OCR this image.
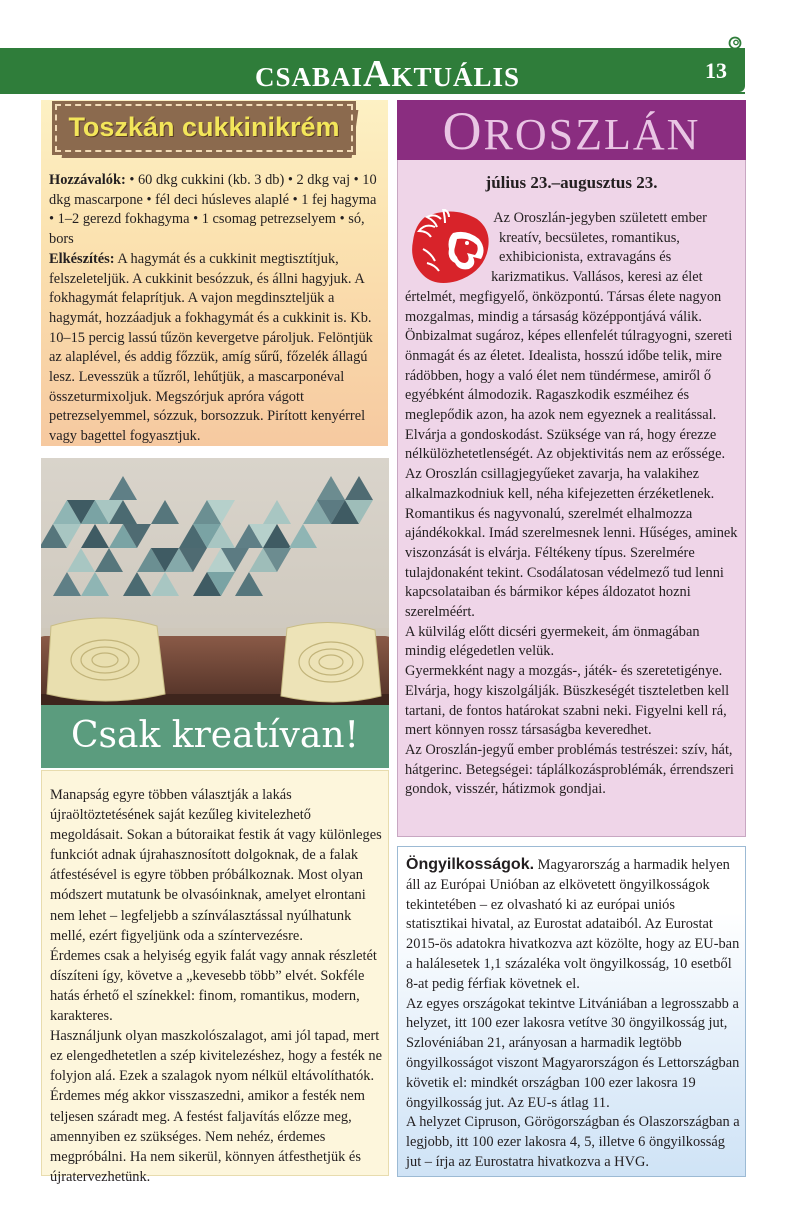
CSABAIAKTUÁLIS	13
Toszkán cukkinikrém
Hozzávalók: • 60 dkg cukkini (kb. 3 db) • 2 dkg vaj • 10 dkg mascarpone • fél deci húsleves alaplé • 1 fej hagyma • 1–2 gerezd fokhagyma • 1 csomag petrezselyem • só, bors
Elkészítés: A hagymát és a cukkinit megtisztítjuk, felszeleteljük. A cukkinit besózzuk, és állni hagyjuk. A fokhagymát felaprítjuk. A vajon megdinszteljük a hagymát, hozzáadjuk a fokhagymát és a cukkinit is. Kb. 10–15 percig lassú tűzön kevergetve pároljuk. Felöntjük az alaplével, és addig főzzük, amíg sűrű, főzelék állagú lesz. Levesszük a tűzről, lehűtjük, a mascarponéval összeturmixoljuk. Megszórjuk apróra vágott petrezselyemmel, sózzuk, borsozzuk. Pirított kenyérrel vagy bagettel fogyasztjuk.
Csak kreatívan!

Manapság egyre többen választják a lakás újraöltöztetésének saját kezűleg kivitelezhető megoldásait. Sokan a bútoraikat festik át vagy különleges funkciót adnak újrahasznosított dolgoknak, de a falak átfestésével is egyre többen próbálkoznak. Most olyan módszert mutatunk be olvasóinknak, amelyet elrontani nem lehet – legfeljebb a színválasztással nyúlhatunk mellé, ezért figyeljünk oda a színtervezésre.

Érdemes csak a helyiség egyik falát vagy annak részletét díszíteni így, követve a „kevesebb több” elvét. Sokféle hatás érhető el színekkel: finom, romantikus, modern, karakteres.

Használjunk olyan maszkolószalagot, ami jól tapad, mert ez elengedhetetlen a szép kivitelezéshez, hogy a festék ne folyjon alá. Ezek a szalagok nyom nélkül eltávolíthatók. Érdemes még akkor visszaszedni, amikor a festék nem teljesen száradt meg. A festést faljavítás előzze meg, amennyiben ez szükséges. Nem nehéz, érdemes megpróbálni. Ha nem sikerül, könnyen átfesthetjük és újratervezhetünk.

OROSZLÁN
július 23.–augusztus 23.

Az Oroszlán-jegyben született ember kreatív, becsületes, romantikus, exhibicionista, extravagáns és karizmatikus. Vallásos, keresi az élet értelmét, megfigyelő, önközpontú. Társas élete nagyon mozgalmas, mindig a társaság középpontjává válik. Önbizalmat sugároz, képes ellenfelét túlragyogni, szereti önmagát és az életet. Idealista, hosszú időbe telik, mire rádöbben, hogy a való élet nem tündérmese, amiről ő egyébként álmodozik. Ragaszkodik eszméihez és meglepődik azon, ha azok nem egyeznek a realitással. Elvárja a gondoskodást. Szüksége van rá, hogy érezze nélkülözhetetlenségét. Az objektivitás nem az erőssége.

Az Oroszlán csillagjegyűeket zavarja, ha valakihez alkalmazkodniuk kell, néha kifejezetten érzéketlenek. Romantikus és nagyvonalú, szerelmét elhalmozza ajándékokkal. Imád szerelmesnek lenni. Hűséges, aminek viszonzását is elvárja. Féltékeny típus. Szerelmére tulajdonaként tekint. Csodálatosan védelmező tud lenni kapcsolataiban és bármikor képes áldozatot hozni szerelméért.

A külvilág előtt dicséri gyermekeit, ám önmagában mindig elégedetlen velük.

Gyermekként nagy a mozgás-, játék- és szeretetigénye. Elvárja, hogy kiszolgálják. Büszkeségét tiszteletben kell tartani, de fontos határokat szabni neki. Figyelni kell rá, mert könnyen rossz társaságba keveredhet.

Az Oroszlán-jegyű ember problémás testrészei: szív, hát, hátgerinc. Betegségei: táplálkozásproblémák, érrendszeri gondok, visszér, hátizmok gondjai.

Öngyilkosságok. Magyarország a harmadik helyen áll az Európai Unióban az elkövetett öngyilkosságok tekintetében – ez olvasható ki az európai uniós statisztikai hivatal, az Eurostat adataiból. Az Eurostat 2015-ös adatokra hivatkozva azt közölte, hogy az EU-ban a halálesetek 1,1 százaléka volt öngyilkosság, 10 esetből 8-at pedig férfiak követnek el.

Az egyes országokat tekintve Litvániában a legrosszabb a helyzet, itt 100 ezer lakosra vetítve 30 öngyilkosság jut, Szlovéniában 21, arányosan a harmadik legtöbb öngyilkosságot viszont Magyarországon és Lettországban követik el: mindkét országban 100 ezer lakosra 19 öngyilkosság jut. Az EU-s átlag 11.

A helyzet Cipruson, Görögországban és Olaszországban a legjobb, itt 100 ezer lakosra 4, 5, illetve 6 öngyilkosság jut – írja az Eurostatra hivatkozva a HVG.
